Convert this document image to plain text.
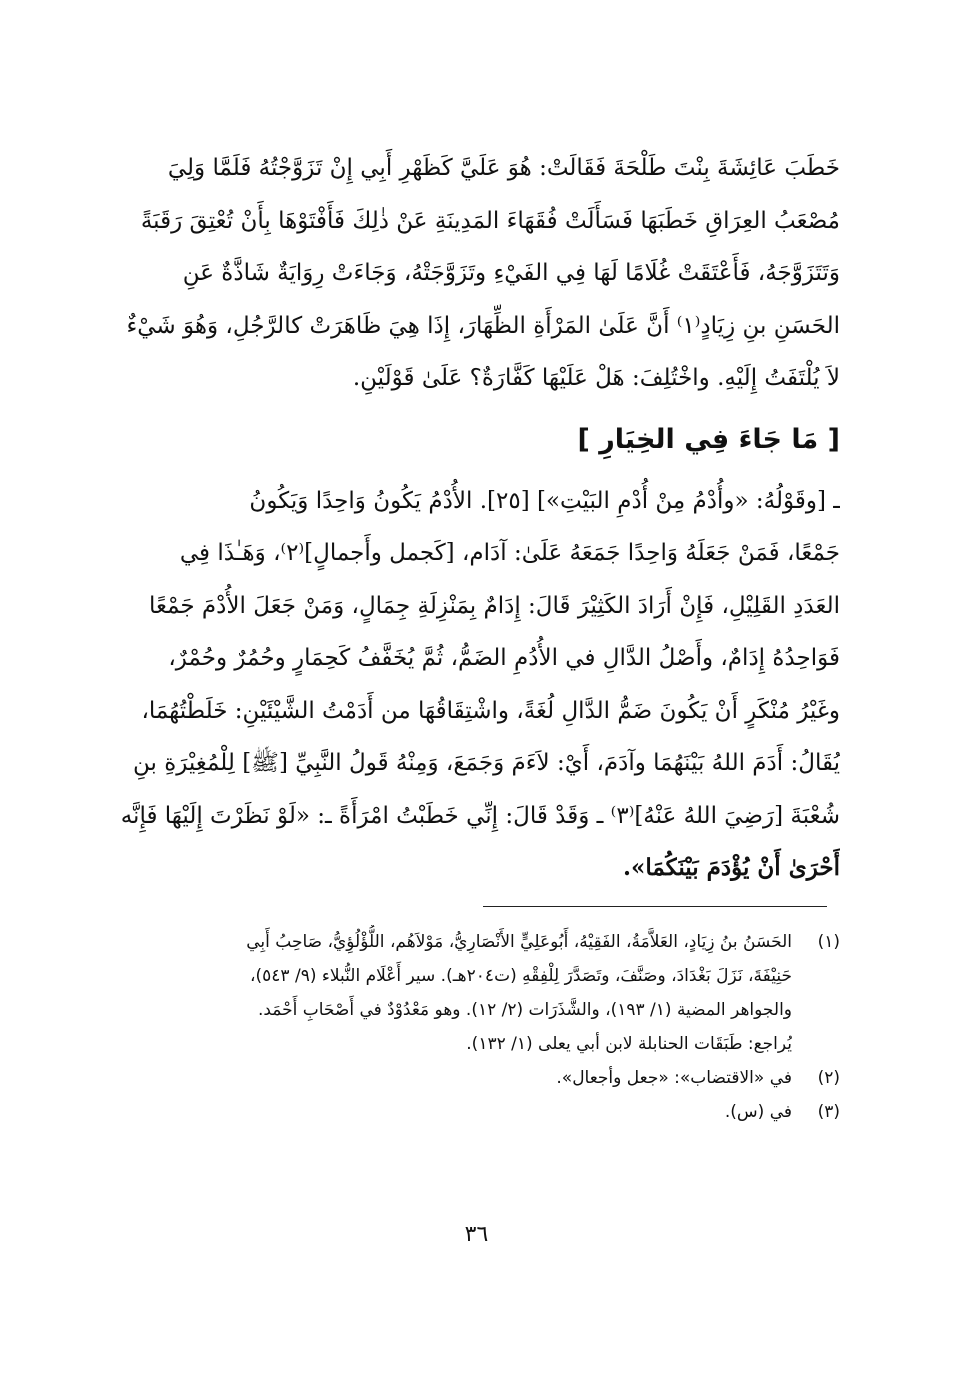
خَطَبَ عَائِشَةَ بِنْتَ طَلْحَةَ فَقَالَتْ: هُوَ عَلَيَّ كَظَهْرِ أَبِي إِنْ تَزَوَّجْتُهُ فَلَمَّا وَلِيَ
مُصْعَبُ العِرَاقِ خَطَبَهَا فَسَأَلَتْ فُقَهَاءَ المَدِينَةِ عَنْ ذٰلِكَ فَأَفْتَوْهَا بِأَنْ تُعْتِقَ رَقَبَةً
وَتَتَزَوَّجَهُ، فَأَعْتَقَتْ غُلَامًا لَهَا فِي الفَيْءِ وتَزَوَّجَتْهُ، وَجَاءَتْ رِوَايَةٌ شَاذَّةٌ عَنِ
الحَسَنِ بنِ زِيَادٍ⁽١⁾ أَنَّ عَلَىٰ المَرْأَةِ الظِّهَارَ، إِذَا هِيَ ظَاهَرَتْ كالرَّجُلِ، وَهُوَ شَيْءٌ
لاَ يُلْتَفَتُ إِلَيْهِ. واخْتُلِفَ: هَلْ عَلَيْهَا كَفَّارَةٌ؟ عَلَىٰ قَوْلَيْنِ.
[ مَا جَاءَ فِي الخِيَارِ ]
ـ [وقَوْلُهُ: «وأُدْمُ مِنْ أُدْمِ البَيْتِ»] [٢٥]. الأُدْمُ يَكُونُ وَاحِدًا وَيَكُونُ
جَمْعًا، فَمَنْ جَعَلَهُ وَاحِدًا جَمَعَهُ عَلَىٰ: آدَام، [كَجمل وأَجمالٍ]⁽٢⁾، وَهَـٰذَا فِي
العَدَدِ القَلِيْلِ، فَإِنْ أَرَادَ الكَثِيْرَ قَالَ: إِدَامٌ بِمَنْزِلَةِ جِمَالٍ، وَمَنْ جَعَلَ الأُدْمَ جَمْعًا
فَوَاحِدُهُ إِدَامٌ، وأَصْلُ الدَّالِ في الأُدُمِ الضَمُّ، ثُمَّ يُخَفَّفُ كَحِمَارٍ وحُمُرٌ وحُمْرٌ،
وغَيْرُ مُنْكَرٍ أَنْ يَكُونَ ضَمُّ الدَّالِ لُغَةً، واشْتِقَاقُهَا من أَدَمْتُ الشَّيْئَيْنِ: خَلَطْتُهُمَا،
يُقَالُ: أَدَمَ اللهُ بَيْنَهُمَا وآدَمَ، أَيْ: لاَءَمَ وَجَمَعَ، وَمِنْهُ قَولُ النَّبِيِّ [ﷺ] لِلْمُغِيْرَةِ بنِ
شُعْبَةَ [رَضِيَ اللهُ عَنْهُ]⁽٣⁾ ـ وَقَدْ قَالَ: إِنِّي خَطَبْتُ امْرَأَةً ـ: «لَوْ نَظَرْتَ إِلَيْهَا فَإِنَّه
أَحْرَىٰ أَنْ يُؤْدَمَ بَيْنَكُمَا».
(١)
الحَسَنُ بنُ زِيَادٍ، العَلاَّمَةُ، الفَقِيْهُ، أَبُوعَلِيٍّ الأَنْصَارِيُّ، مَوْلاَهُم، اللُّؤْلُؤِيُّ، صَاحِبُ أَبِي
حَنِيْفَةَ، نَزَلَ بَغْدَادَ، وصَنَّفَ، وتَصَدَّرَ لِلْفِقْهِ (ت٢٠٤هـ). سير أَعْلَام النُّبلاء (٩/ ٥٤٣)،
والجواهر المضية (١/ ١٩٣)، والشَّذَرَات (٢/ ١٢). وهو مَعْدُوْدٌ في أَصْحَابِ أَحْمَد.
يُراجع: طَبَقَات الحنابلة لابن أبي يعلى (١/ ١٣٢).
(٢)
في «الاقتضاب»: «جعل وأجعال».
(٣)
في (س).
٣٦
